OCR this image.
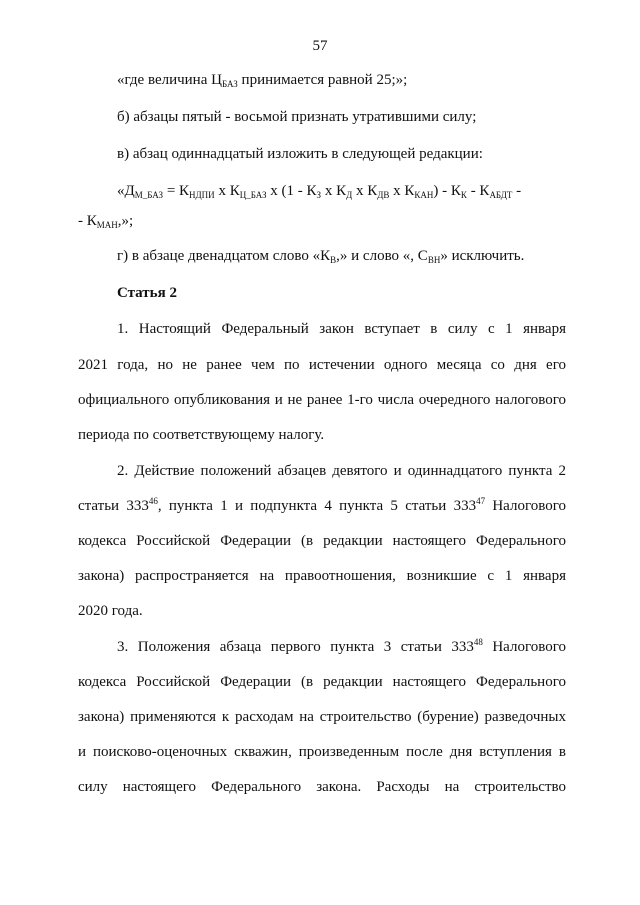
57
«где величина $Ц_{БАЗ}$ принимается равной 25;»;
б) абзацы пятый - восьмой признать утратившими силу;
в) абзац одиннадцатый изложить в следующей редакции:
«$Д_{М\_БАЗ} = К_{НДПИ}$ х $К_{Ц\_БАЗ}$ х ($1 - К_З$ х $К_Д$ х $К_{ДВ}$ х $К_{КАН}) - К_К - К_{АБДТ}$ -
- $К_{МАН}$,»;
г) в абзаце двенадцатом слово «$К_В$,» и слово «, $С_{ВН}$» исключить.
Статья 2
1. Настоящий Федеральный закон вступает в силу с 1 января
2021 года, но не ранее чем по истечении одного месяца со дня его
официального опубликования и не ранее 1-го числа очередного налогового
периода по соответствующему налогу.
2. Действие положений абзацев девятого и одиннадцатого пункта 2
статьи $333^{46}$, пункта 1 и подпункта 4 пункта 5 статьи $333^{47}$ Налогового
кодекса Российской Федерации (в редакции настоящего Федерального
закона) распространяется на правоотношения, возникшие с 1 января
2020 года.
3. Положения абзаца первого пункта 3 статьи $333^{48}$ Налогового
кодекса Российской Федерации (в редакции настоящего Федерального
закона) применяются к расходам на строительство (бурение) разведочных
и поисково-оценочных скважин, произведенным после дня вступления в
силу настоящего Федерального закона. Расходы на строительство
